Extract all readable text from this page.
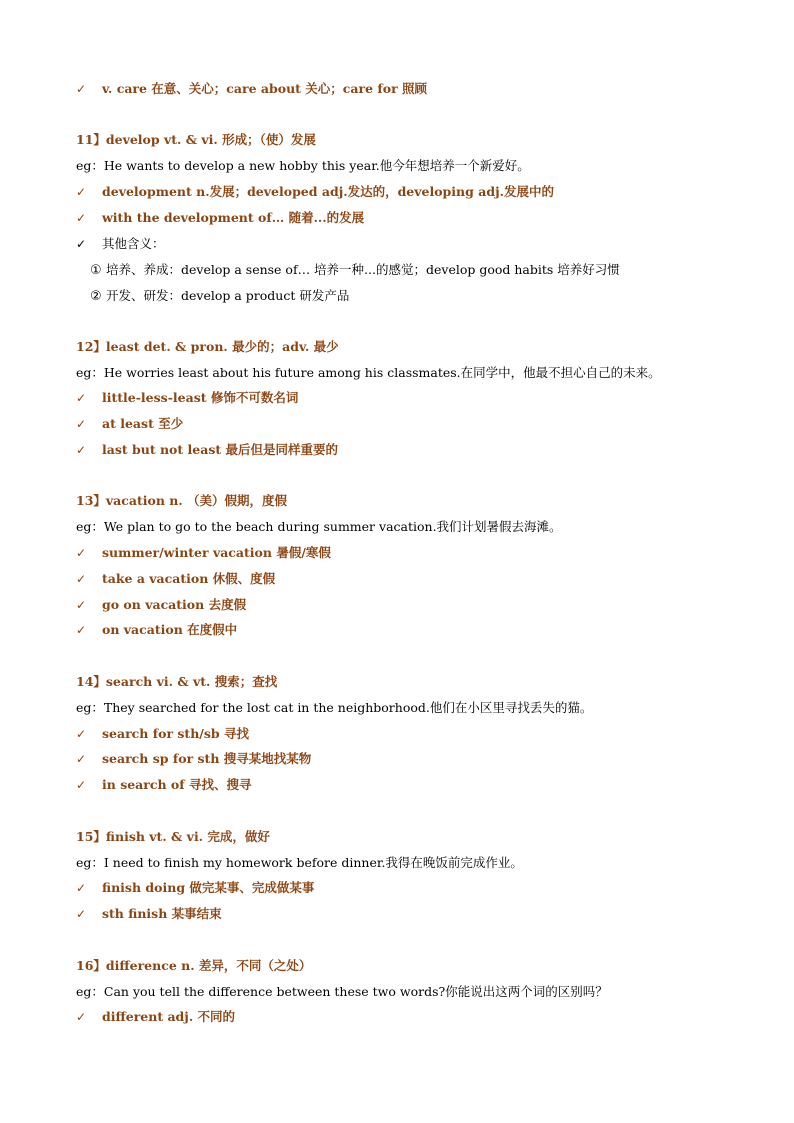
✓ v. care 在意、关心；care about 关心；care for 照顾
11】develop vt. & vi. 形成；（使）发展
eg：He wants to develop a new hobby this year.他今年想培养一个新爱好。
✓ development n.发展；developed adj.发达的，developing adj.发展中的
✓ with the development of… 随着...的发展
✓ 其他含义：
① 培养、养成：develop a sense of… 培养一种...的感觉；develop good habits 培养好习惯
② 开发、研发：develop a product 研发产品
12】least det. & pron. 最少的；adv. 最少
eg：He worries least about his future among his classmates.在同学中，他最不担心自己的未来。
✓ little-less-least 修饰不可数名词
✓ at least 至少
✓ last but not least 最后但是同样重要的
13】vacation n. （美）假期，度假
eg：We plan to go to the beach during summer vacation.我们计划暑假去海滩。
✓ summer/winter vacation 暑假/寒假
✓ take a vacation 休假、度假
✓ go on vacation 去度假
✓ on vacation 在度假中
14】search vi. & vt. 搜索；查找
eg：They searched for the lost cat in the neighborhood.他们在小区里寻找丢失的猫。
✓ search for sth/sb 寻找
✓ search sp for sth 搜寻某地找某物
✓ in search of 寻找、搜寻
15】finish vt. & vi. 完成，做好
eg：I need to finish my homework before dinner.我得在晚饭前完成作业。
✓ finish doing 做完某事、完成做某事
✓ sth finish 某事结束
16】difference n. 差异，不同（之处）
eg：Can you tell the difference between these two words?你能说出这两个词的区别吗？
✓ different adj. 不同的
